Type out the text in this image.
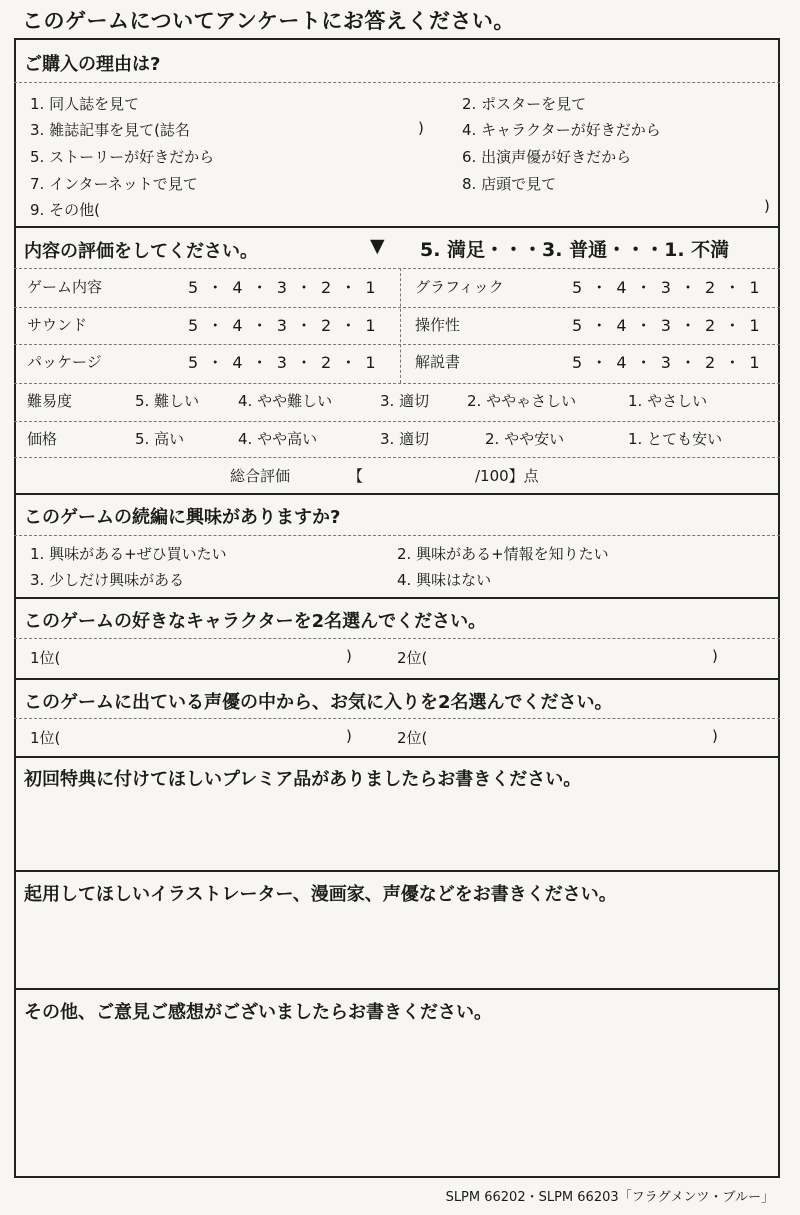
このゲームについてアンケートにお答えください。
ご購入の理由は?
1. 同人誌を見て	2. ポスターを見て
3. 雑誌記事を見て(誌名	)	4. キャラクターが好きだから
5. ストーリーが好きだから	6. 出演声優が好きだから
7. インターネットで見て	8. 店頭で見て
9. その他(	)
内容の評価をしてください。	▼ 5. 満足・・・3. 普通・・・1. 不満
ゲーム内容	5 ・ 4 ・ 3 ・ 2 ・ 1 グラフィック	5 ・ 4 ・ 3 ・ 2 ・ 1
サウンド	5 ・ 4 ・ 3 ・ 2 ・ 1 操作性	5 ・ 4 ・ 3 ・ 2 ・ 1
パッケージ	5 ・ 4 ・ 3 ・ 2 ・ 1 解説書	5 ・ 4 ・ 3 ・ 2 ・ 1
難易度	5. 難しい	4. やや難しい	3. 適切	2. ややゃさしい	1. やさしい
価格	5. 高い	4. やや高い	3. 適切	2. やや安い	1. とても安い
総合評価	【	/100】点
このゲームの続編に興味がありますか?
1. 興味がある+ぜひ買いたい	2. 興味がある+情報を知りたい
3. 少しだけ興味がある	4. 興味はない
このゲームの好きなキャラクターを2名選んでください。
1位(	)	2位(	)
このゲームに出ている声優の中から、お気に入りを2名選んでください。
1位(	)	2位(	)
初回特典に付けてほしいプレミア品がありましたらお書きください。
起用してほしいイラストレーター、漫画家、声優などをお書きください。
その他、ご意見ご感想がございましたらお書きください。
SLPM 66202・SLPM 66203「フラグメンツ・ブルー」
